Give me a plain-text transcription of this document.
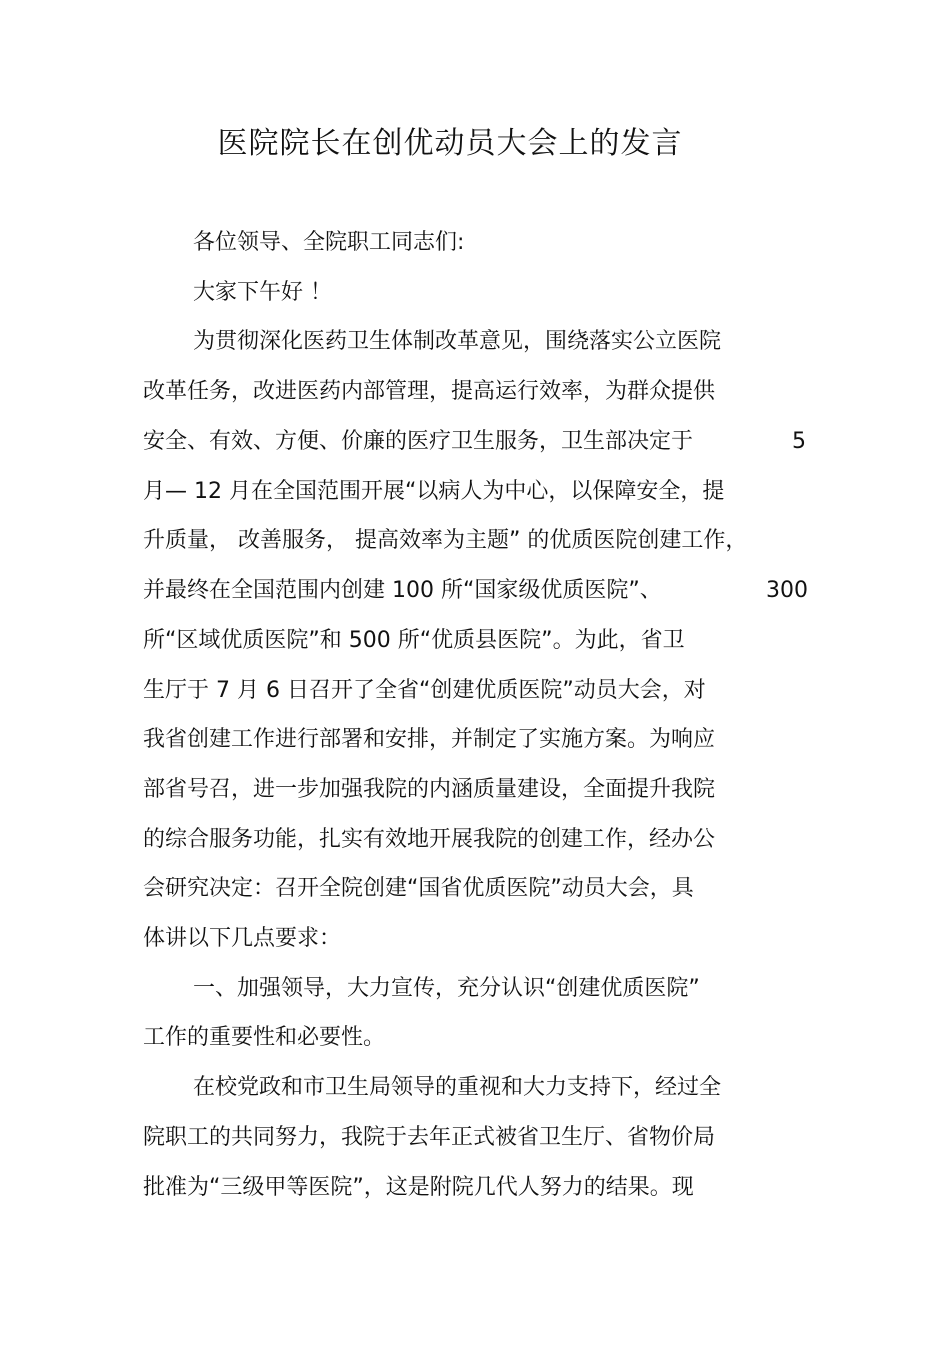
医院院长在创优动员大会上的发言
各位领导、全院职工同志们:
大家下午好 ！
为贯彻深化医药卫生体制改革意见，围绕落实公立医院
改革任务，改进医药内部管理，提高运行效率，为群众提供
安全、有效、方便、价廉的医疗卫生服务，卫生部决定于	5
月— 12 月在全国范围开展“以病人为中心，以保障安全，提
升质量， 改善服务， 提高效率为主题” 的优质医院创建工作，
并最终在全国范围内创建 100 所“国家级优质医院”、	300
所“区域优质医院”和 500 所“优质县医院”。为此，省卫
生厅于 7 月 6 日召开了全省“创建优质医院”动员大会，对
我省创建工作进行部署和安排，并制定了实施方案。为响应
部省号召，进一步加强我院的内涵质量建设，全面提升我院
的综合服务功能，扎实有效地开展我院的创建工作，经办公
会研究决定：召开全院创建“国省优质医院”动员大会，具
体讲以下几点要求：
一、加强领导，大力宣传，充分认识“创建优质医院”
工作的重要性和必要性。
在校党政和市卫生局领导的重视和大力支持下，经过全
院职工的共同努力，我院于去年正式被省卫生厅、省物价局
批准为“三级甲等医院”，这是附院几代人努力的结果。现
